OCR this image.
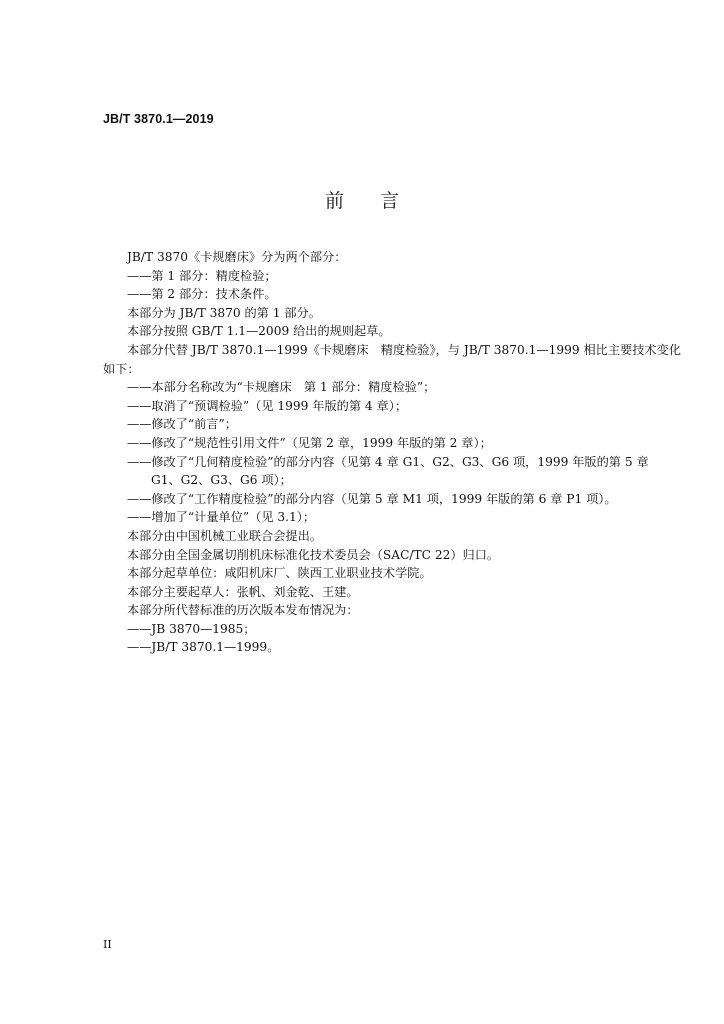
JB/T 3870.1—2019
前 言
JB/T 3870《卡规磨床》分为两个部分：
——第 1 部分：精度检验；
——第 2 部分：技术条件。
本部分为 JB/T 3870 的第 1 部分。
本部分按照 GB/T 1.1—2009 给出的规则起草。
本部分代替 JB/T 3870.1—1999《卡规磨床　精度检验》，与 JB/T 3870.1—1999 相比主要技术变化
如下：
——本部分名称改为“卡规磨床　第 1 部分：精度检验”；
——取消了“预调检验”（见 1999 年版的第 4 章）；
——修改了“前言”；
——修改了“规范性引用文件”（见第 2 章，1999 年版的第 2 章）；
——修改了“几何精度检验”的部分内容（见第 4 章 G1、G2、G3、G6 项，1999 年版的第 5 章
G1、G2、G3、G6 项）；
——修改了“工作精度检验”的部分内容（见第 5 章 M1 项，1999 年版的第 6 章 P1 项）。
——增加了“计量单位”（见 3.1）；
本部分由中国机械工业联合会提出。
本部分由全国金属切削机床标准化技术委员会（SAC/TC 22）归口。
本部分起草单位：咸阳机床厂、陕西工业职业技术学院。
本部分主要起草人：张帆、刘金乾、王建。
本部分所代替标准的历次版本发布情况为：
——JB 3870—1985；
——JB/T 3870.1—1999。
II
